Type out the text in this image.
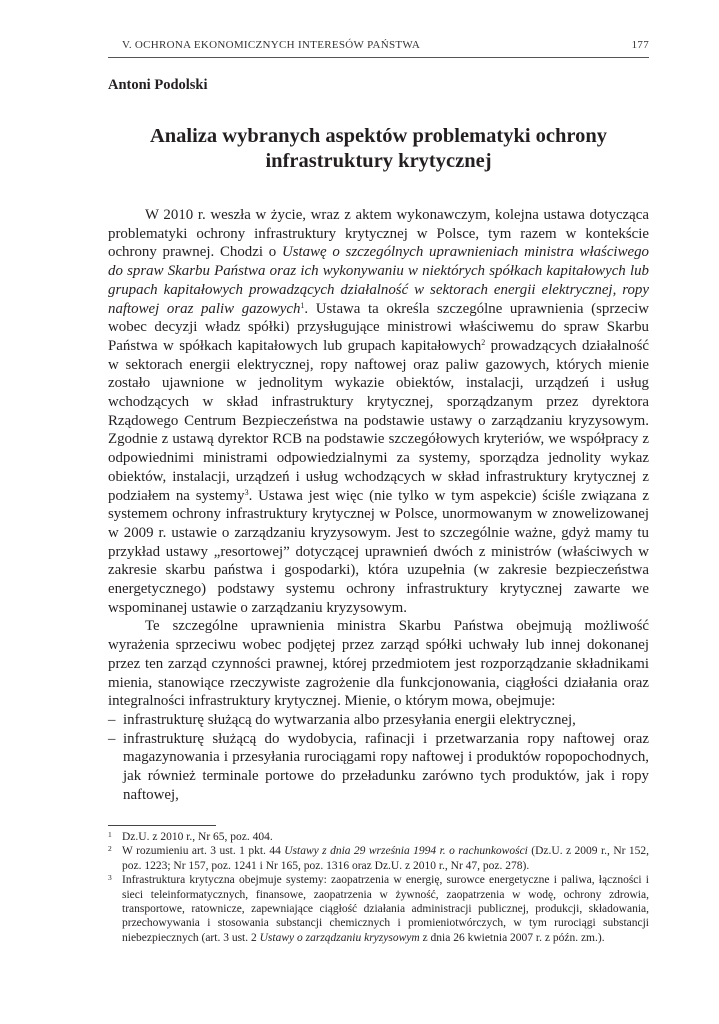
V. OCHRONA EKONOMICZNYCH INTERESÓW PAŃSTWA	177
Antoni Podolski
Analiza wybranych aspektów problematyki ochrony infrastruktury krytycznej

W 2010 r. weszła w życie, wraz z aktem wykonawczym, kolejna ustawa dotycząca problematyki ochrony infrastruktury krytycznej w Polsce, tym razem w kontekście ochrony prawnej. Chodzi o Ustawę o szczególnych uprawnieniach ministra właściwego do spraw Skarbu Państwa oraz ich wykonywaniu w niektórych spółkach kapitałowych lub grupach kapitałowych prowadzących działalność w sektorach energii elektrycznej, ropy naftowej oraz paliw gazowych$^1$. Ustawa ta określa szczególne uprawnienia (sprzeciw wobec decyzji władz spółki) przysługujące ministrowi właściwemu do spraw Skarbu Państwa w spółkach kapitałowych lub grupach kapitałowych$^2$ prowadzących działalność w sektorach energii elektrycznej, ropy naftowej oraz paliw gazowych, których mienie zostało ujawnione w jednolitym wykazie obiektów, instalacji, urządzeń i usług wchodzących w skład infrastruktury krytycznej, sporządzanym przez dyrektora Rządowego Centrum Bezpieczeństwa na podstawie ustawy o zarządzaniu kryzysowym. Zgodnie z ustawą dyrektor RCB na podstawie szczegółowych kryteriów, we współpracy z odpowiednimi ministrami odpowiedzialnymi za systemy, sporządza jednolity wykaz obiektów, instalacji, urządzeń i usług wchodzących w skład infrastruktury krytycznej z podziałem na systemy$^3$. Ustawa jest więc (nie tylko w tym aspekcie) ściśle związana z systemem ochrony infrastruktury krytycznej w Polsce, unormowanym w znowelizowanej w 2009 r. ustawie o zarządzaniu kryzysowym. Jest to szczególnie ważne, gdyż mamy tu przykład ustawy „resortowej” dotyczącej uprawnień dwóch z ministrów (właściwych w zakresie skarbu państwa i gospodarki), która uzupełnia (w zakresie bezpieczeństwa energetycznego) podstawy systemu ochrony infrastruktury krytycznej zawarte we wspominanej ustawie o zarządzaniu kryzysowym.

Te szczególne uprawnienia ministra Skarbu Państwa obejmują możliwość wyrażenia sprzeciwu wobec podjętej przez zarząd spółki uchwały lub innej dokonanej przez ten zarząd czynności prawnej, której przedmiotem jest rozporządzanie składnikami mienia, stanowiące rzeczywiste zagrożenie dla funkcjonowania, ciągłości działania oraz integralności infrastruktury krytycznej. Mienie, o którym mowa, obejmuje:

– infrastrukturę służącą do wytwarzania albo przesyłania energii elektrycznej,
– infrastrukturę służącą do wydobycia, rafinacji i przetwarzania ropy naftowej oraz magazynowania i przesyłania rurociągami ropy naftowej i produktów ropopochodnych, jak również terminale portowe do przeładunku zarówno tych produktów, jak i ropy naftowej,
1 Dz.U. z 2010 r., Nr 65, poz. 404.
2 W rozumieniu art. 3 ust. 1 pkt. 44 Ustawy z dnia 29 września 1994 r. o rachunkowości (Dz.U. z 2009 r., Nr 152, poz. 1223; Nr 157, poz. 1241 i Nr 165, poz. 1316 oraz Dz.U. z 2010 r., Nr 47, poz. 278).
3 Infrastruktura krytyczna obejmuje systemy: zaopatrzenia w energię, surowce energetyczne i paliwa, łączności i sieci teleinformatycznych, finansowe, zaopatrzenia w żywność, zaopatrzenia w wodę, ochrony zdrowia, transportowe, ratownicze, zapewniające ciągłość działania administracji publicznej, produkcji, składowania, przechowywania i stosowania substancji chemicznych i promieniotwórczych, w tym rurociągi substancji niebezpiecznych (art. 3 ust. 2 Ustawy o zarządzaniu kryzysowym z dnia 26 kwietnia 2007 r. z późn. zm.).
